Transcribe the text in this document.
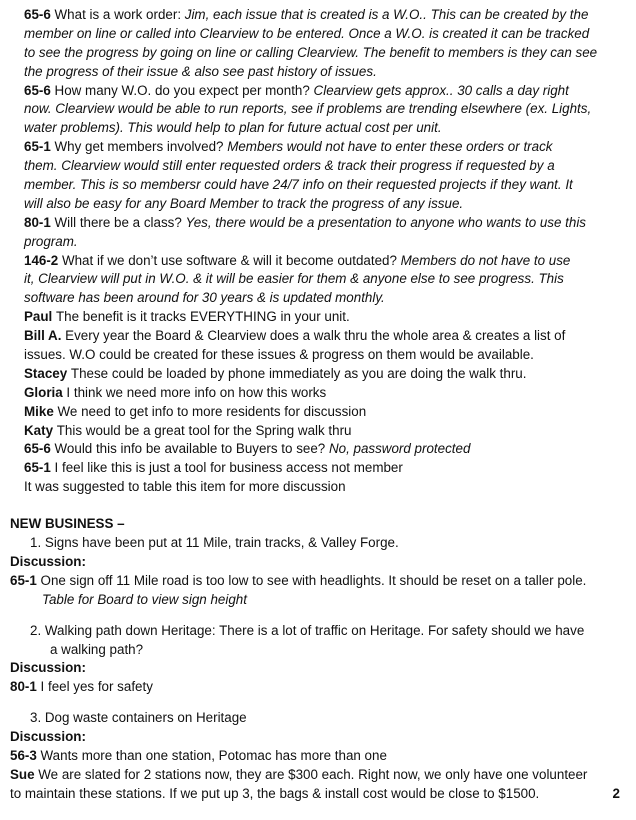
65-6 What is a work order: Jim, each issue that is created is a W.O.. This can be created by the
member on line or called into Clearview to be entered. Once a W.O. is created it can be tracked
to see the progress by going on line or calling Clearview. The benefit to members is they can see
the progress of their issue & also see past history of issues.
65-6 How many W.O. do you expect per month? Clearview gets approx.. 30 calls a day right
now. Clearview would be able to run reports, see if problems are trending elsewhere (ex. Lights,
water problems). This would help to plan for future actual cost per unit.
65-1 Why get members involved? Members would not have to enter these orders or track
them. Clearview would still enter requested orders & track their progress if requested by a
member. This is so membersr could have 24/7 info on their requested projects if they want. It
will also be easy for any Board Member to track the progress of any issue.
80-1 Will there be a class? Yes, there would be a presentation to anyone who wants to use this
program.
146-2 What if we don’t use software & will it become outdated? Members do not have to use
it, Clearview will put in W.O. & it will be easier for them & anyone else to see progress. This
software has been around for 30 years & is updated monthly.
Paul The benefit is it tracks EVERYTHING in your unit.
Bill A. Every year the Board & Clearview does a walk thru the whole area & creates a list of
issues. W.O could be created for these issues & progress on them would be available.
Stacey These could be loaded by phone immediately as you are doing the walk thru.
Gloria I think we need more info on how this works
Mike We need to get info to more residents for discussion
Katy This would be a great tool for the Spring walk thru
65-6 Would this info be available to Buyers to see? No, password protected
65-1 I feel like this is just a tool for business access not member
It was suggested to table this item for more discussion
NEW BUSINESS –
1. Signs have been put at 11 Mile, train tracks, & Valley Forge.
Discussion:
65-1 One sign off 11 Mile road is too low to see with headlights. It should be reset on a taller pole.
Table for Board to view sign height
2. Walking path down Heritage: There is a lot of traffic on Heritage. For safety should we have
a walking path?
Discussion:
80-1 I feel yes for safety
3. Dog waste containers on Heritage
Discussion:
56-3 Wants more than one station, Potomac has more than one
Sue We are slated for 2 stations now, they are $300 each. Right now, we only have one volunteer
to maintain these stations. If we put up 3, the bags & install cost would be close to $1500.	2
